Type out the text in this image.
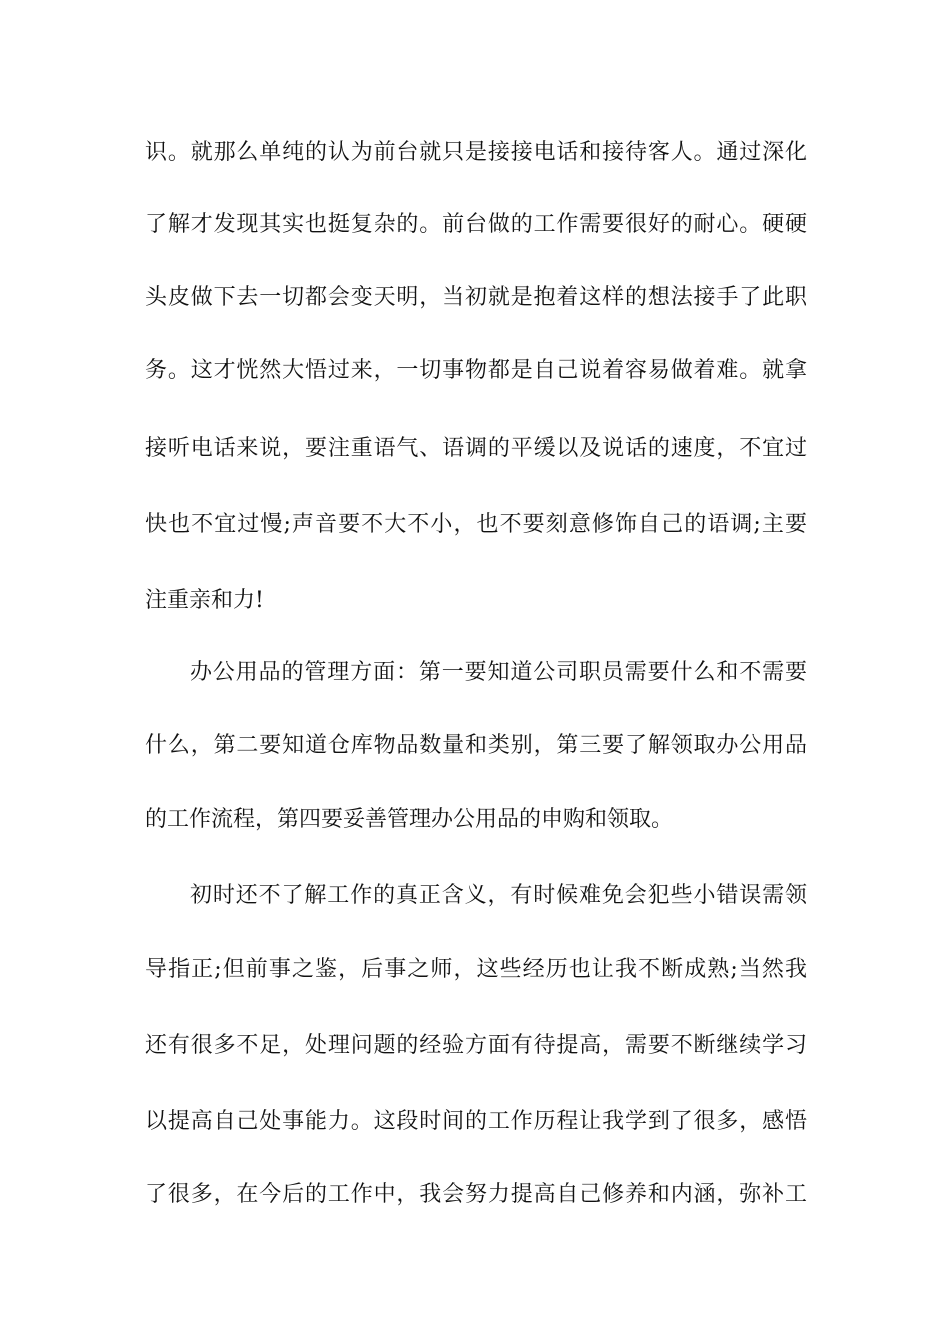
识。就那么单纯的认为前台就只是接接电话和接待客人。通过深化
了解才发现其实也挺复杂的。前台做的工作需要很好的耐心。硬硬
头皮做下去一切都会变天明，当初就是抱着这样的想法接手了此职
务。这才恍然大悟过来，一切事物都是自己说着容易做着难。就拿
接听电话来说，要注重语气、语调的平缓以及说话的速度，不宜过
快也不宜过慢;声音要不大不小，也不要刻意修饰自己的语调;主要
注重亲和力!
办公用品的管理方面：第一要知道公司职员需要什么和不需要
什么，第二要知道仓库物品数量和类别，第三要了解领取办公用品
的工作流程，第四要妥善管理办公用品的申购和领取。
初时还不了解工作的真正含义，有时候难免会犯些小错误需领
导指正;但前事之鉴，后事之师，这些经历也让我不断成熟;当然我
还有很多不足，处理问题的经验方面有待提高，需要不断继续学习
以提高自己处事能力。这段时间的工作历程让我学到了很多，感悟
了很多，在今后的工作中，我会努力提高自己修养和内涵，弥补工
